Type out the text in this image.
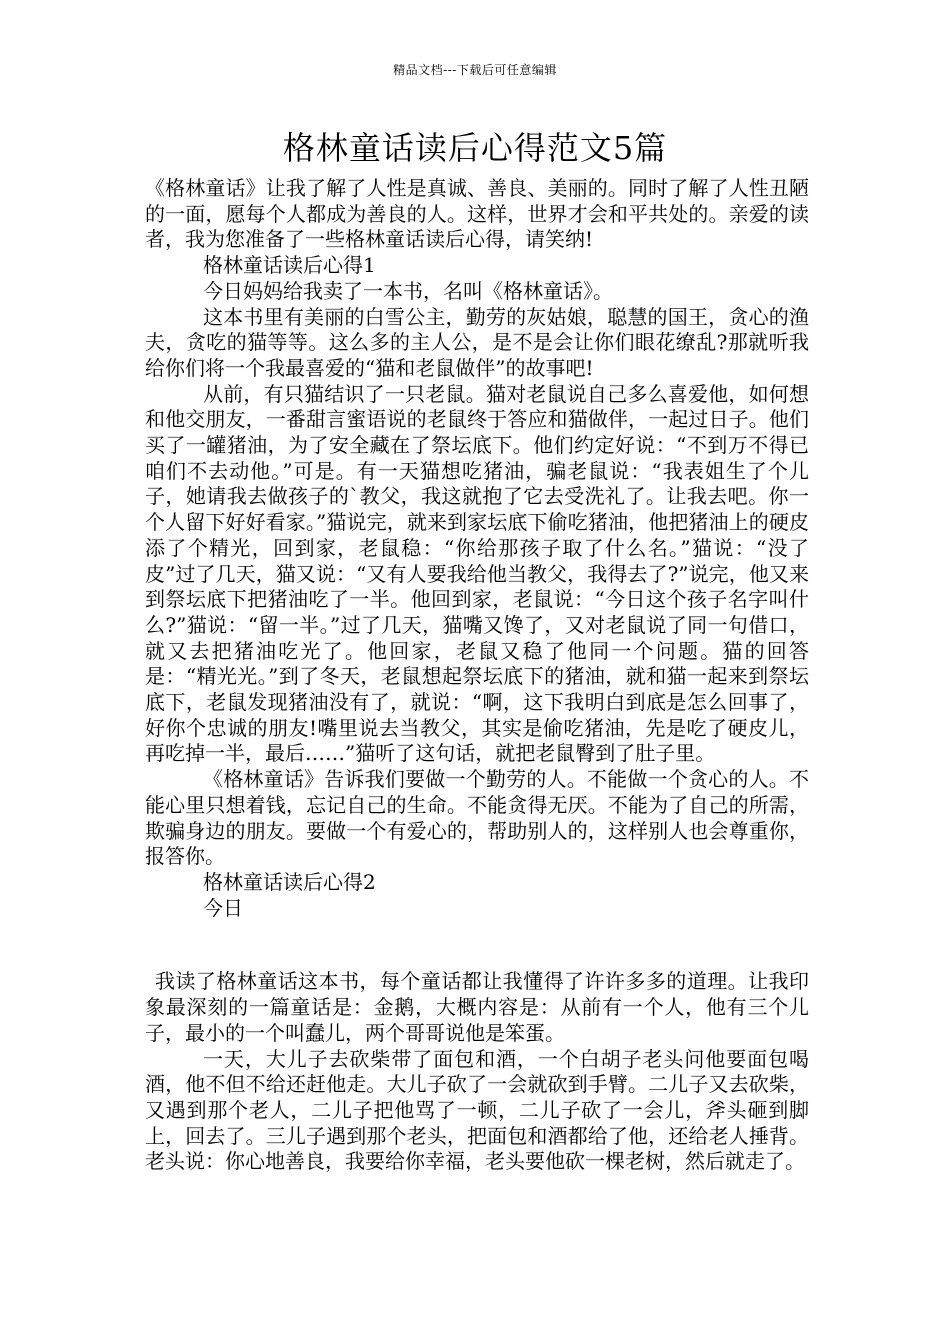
精品文档---下载后可任意编辑
格林童话读后心得范文5篇

《格林童话》让我了解了人性是真诚、善良、美丽的。同时了解了人性丑陋的一面，愿每个人都成为善良的人。这样，世界才会和平共处的。亲爱的读者，我为您准备了一些格林童话读后心得，请笑纳!

格林童话读后心得1

今日妈妈给我卖了一本书，名叫《格林童话》。

这本书里有美丽的白雪公主，勤劳的灰姑娘，聪慧的国王，贪心的渔夫，贪吃的猫等等。这么多的主人公，是不是会让你们眼花缭乱?那就听我给你们将一个我最喜爱的“猫和老鼠做伴”的故事吧!

从前，有只猫结识了一只老鼠。猫对老鼠说自己多么喜爱他，如何想和他交朋友，一番甜言蜜语说的老鼠终于答应和猫做伴，一起过日子。他们买了一罐猪油，为了安全藏在了祭坛底下。他们约定好说：“不到万不得已咱们不去动他。”可是。有一天猫想吃猪油，骗老鼠说：“我表姐生了个儿子，她请我去做孩子的`教父，我这就抱了它去受洗礼了。让我去吧。你一个人留下好好看家。”猫说完，就来到家坛底下偷吃猪油，他把猪油上的硬皮添了个精光，回到家，老鼠稳：“你给那孩子取了什么名。”猫说：“没了皮”过了几天，猫又说：“又有人要我给他当教父，我得去了?”说完，他又来到祭坛底下把猪油吃了一半。他回到家，老鼠说：“今日这个孩子名字叫什么?”猫说：“留一半。”过了几天，猫嘴又馋了，又对老鼠说了同一句借口，就又去把猪油吃光了。他回家，老鼠又稳了他同一个问题。猫的回答是：“精光光。”到了冬天，老鼠想起祭坛底下的猪油，就和猫一起来到祭坛底下，老鼠发现猪油没有了，就说：“啊，这下我明白到底是怎么回事了，好你个忠诚的朋友!嘴里说去当教父，其实是偷吃猪油，先是吃了硬皮儿，再吃掉一半，最后……”猫听了这句话，就把老鼠臀到了肚子里。

《格林童话》告诉我们要做一个勤劳的人。不能做一个贪心的人。不能心里只想着钱，忘记自己的生命。不能贪得无厌。不能为了自己的所需，欺骗身边的朋友。要做一个有爱心的，帮助别人的，这样别人也会尊重你，报答你。

格林童话读后心得2

今日

我读了格林童话这本书，每个童话都让我懂得了许许多多的道理。让我印象最深刻的一篇童话是：金鹅，大概内容是：从前有一个人，他有三个儿子，最小的一个叫蠢儿，两个哥哥说他是笨蛋。

一天，大儿子去砍柴带了面包和酒，一个白胡子老头问他要面包喝酒，他不但不给还赶他走。大儿子砍了一会就砍到手臂。二儿子又去砍柴，又遇到那个老人，二儿子把他骂了一顿，二儿子砍了一会儿，斧头砸到脚上，回去了。三儿子遇到那个老头，把面包和酒都给了他，还给老人捶背。老头说：你心地善良，我要给你幸福，老头要他砍一棵老树，然后就走了。
